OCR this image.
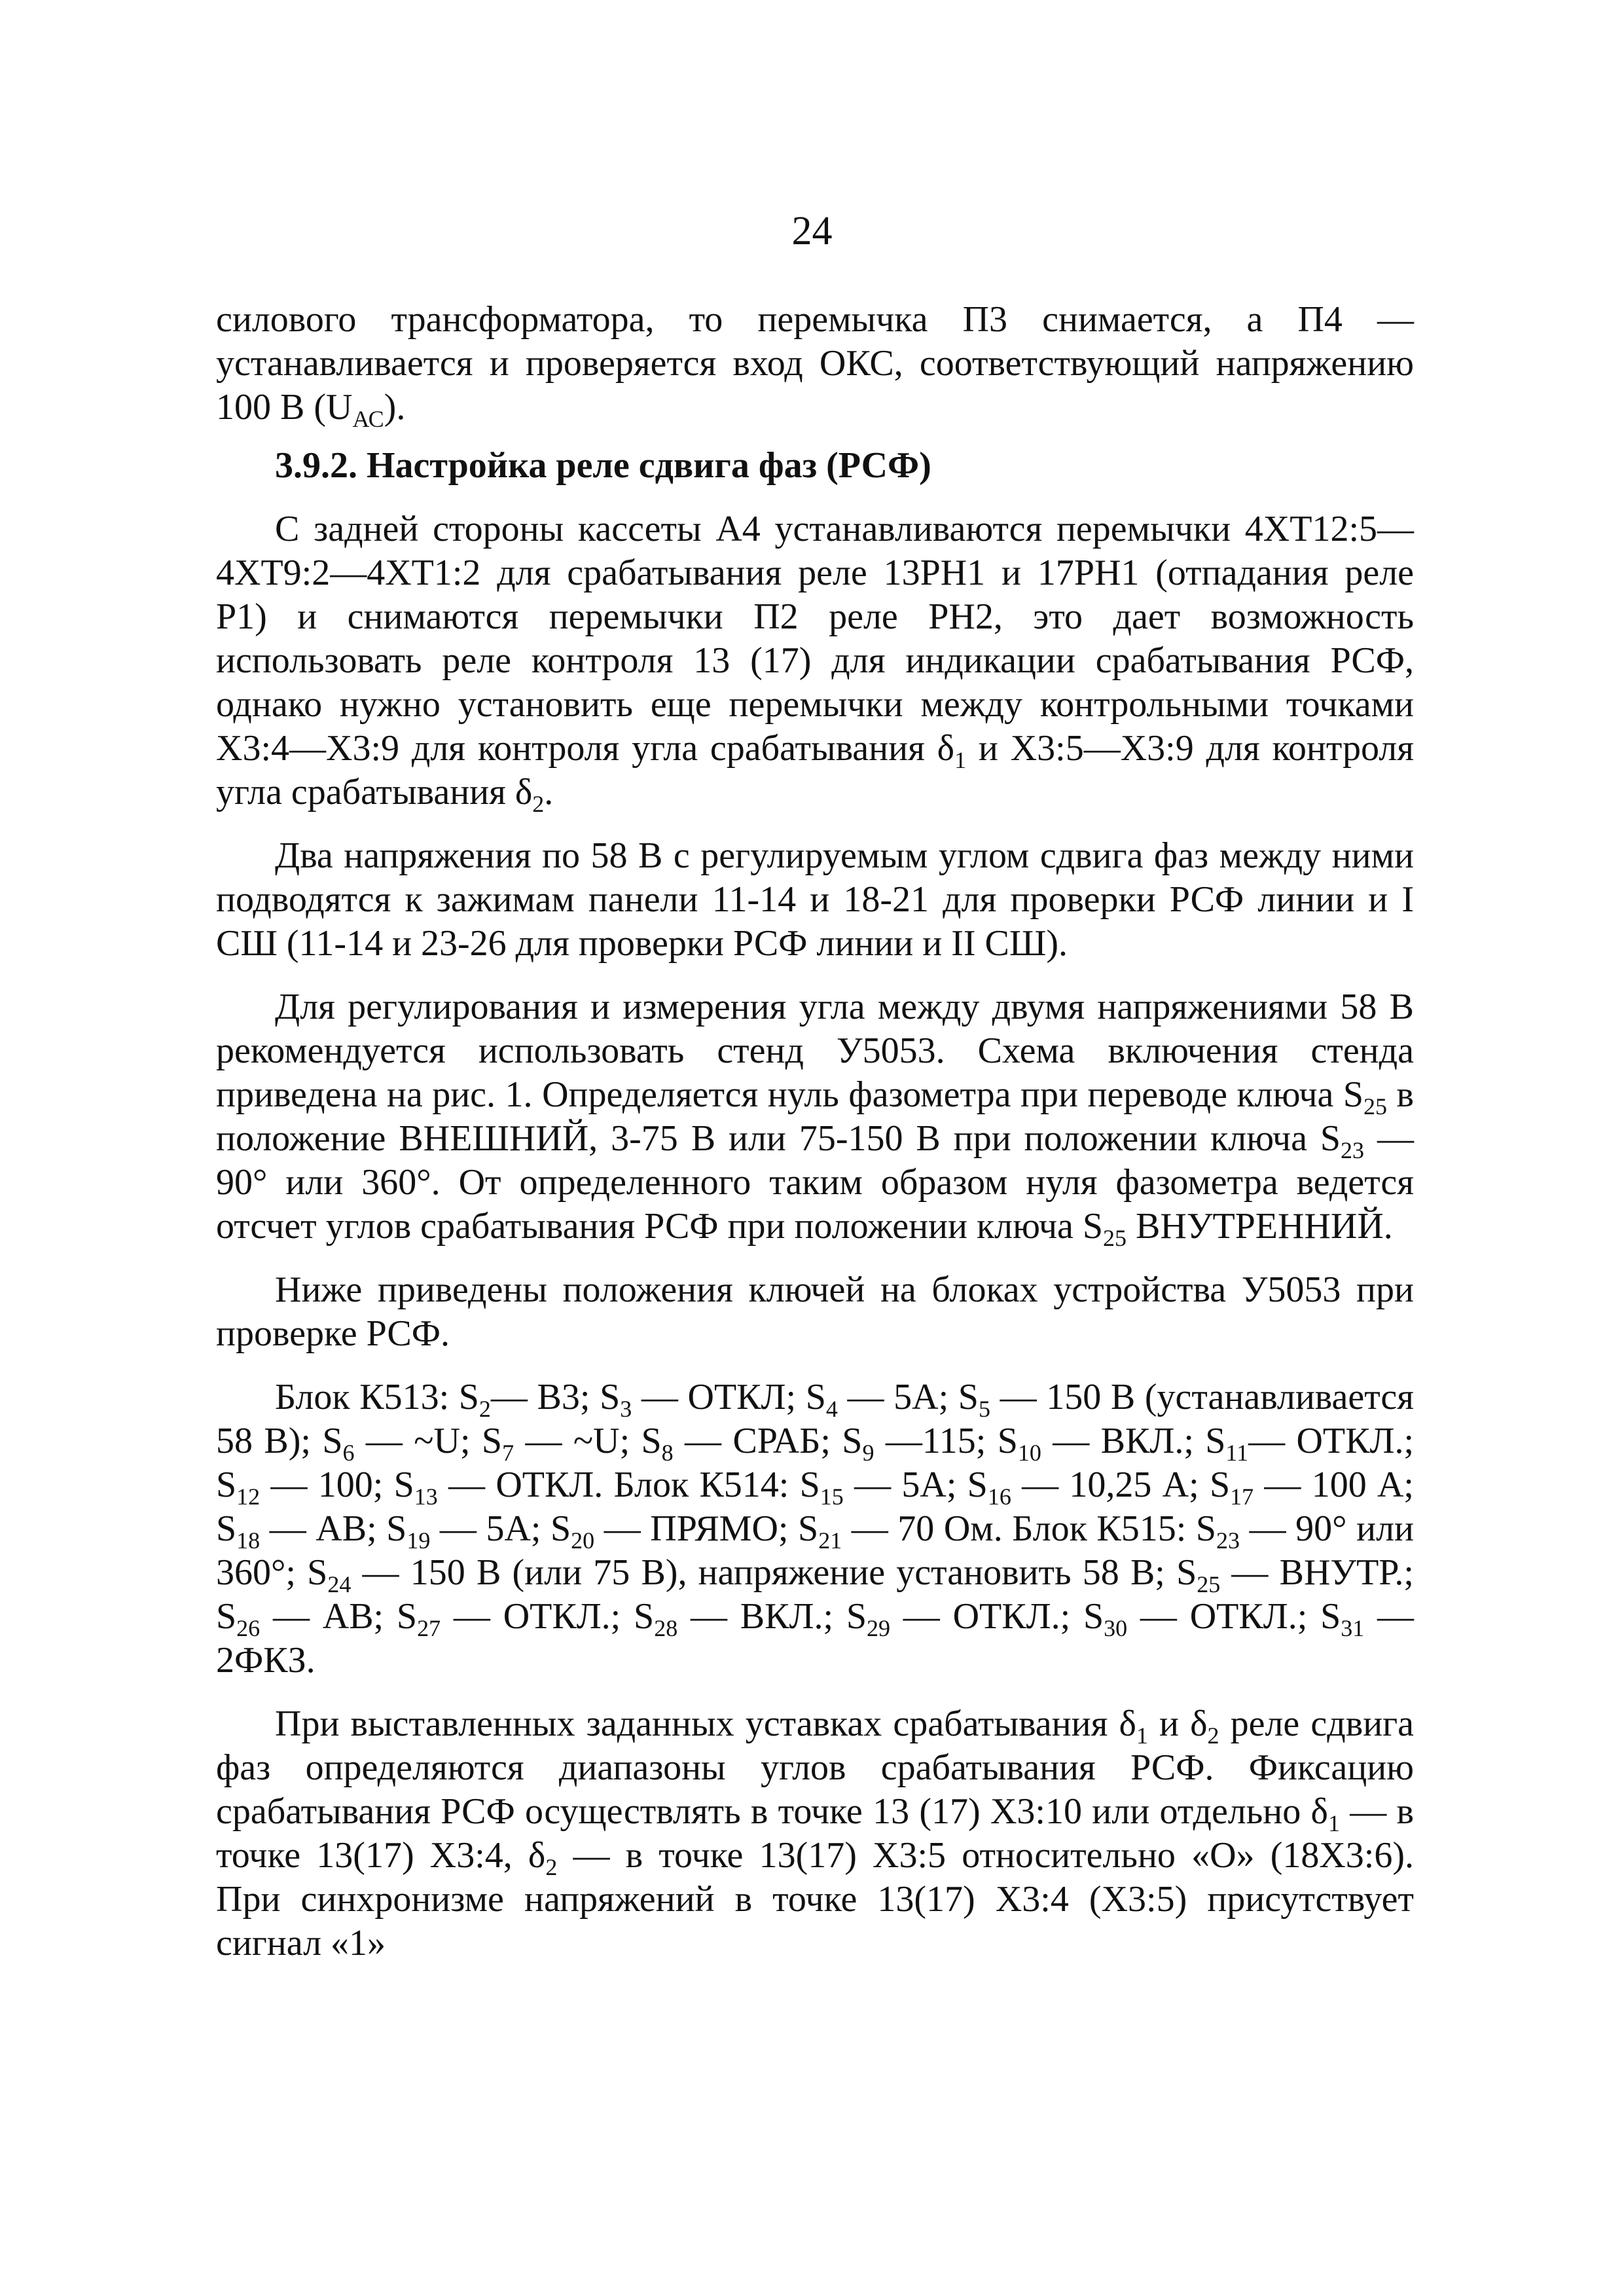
24

силового трансформатора, то перемычка П3 снимается, а П4 — устанавливается и проверяется вход ОКС, соответствующий напряжению 100 В $(U_{АС})$.

3.9.2. Настройка реле сдвига фаз (РСФ)

С задней стороны кассеты А4 устанавливаются перемычки 4XT12:5—4XT9:2—4XT1:2 для срабатывания реле 13PH1 и 17PH1 (отпадания реле Р1) и снимаются перемычки П2 реле PH2, это дает возможность использовать реле контроля 13 (17) для индикации срабатывания РСФ, однако нужно установить еще перемычки между контрольными точками Х3:4—Х3:9 для контроля угла срабатывания $\delta_1$ и Х3:5—Х3:9 для контроля угла срабатывания $\delta_2$.

Два напряжения по 58 В с регулируемым углом сдвига фаз между ними подводятся к зажимам панели 11-14 и 18-21 для проверки РСФ линии и I СШ (11-14 и 23-26 для проверки РСФ линии и II СШ).

Для регулирования и измерения угла между двумя напряжениями 58 В рекомендуется использовать стенд У5053. Схема включения стенда приведена на рис. 1. Определяется нуль фазометра при переводе ключа $S_{25}$ в положение ВНЕШНИЙ, 3-75 В или 75-150 В при положении ключа $S_{23}$ — 90° или 360°. От определенного таким образом нуля фазометра ведется отсчет углов срабатывания РСФ при положении ключа $S_{25}$ ВНУТРЕННИЙ.

Ниже приведены положения ключей на блоках устройства У5053 при проверке РСФ.

Блок К513: $S_2—$ В3; $S_3$ — ОТКЛ; $S_4$ — 5А; $S_5$ — 150 В (устанавливается 58 В); $S_6$ — ~U; $S_7$ — ~U; $S_8$ — СРАБ; $S_9$ —115; $S_{10}$ — ВКЛ.; $S_{11}—$ ОТКЛ.; $S_{12}$ — 100; $S_{13}$ — ОТКЛ. Блок К514: $S_{15}$ — 5А; $S_{16}$ — 10,25 А; $S_{17}$ — 100 А; $S_{18}$ — АВ; $S_{19}$ — 5А; $S_{20}$ — ПРЯМО; $S_{21}$ — 70 Ом. Блок К515: $S_{23}$ — 90° или 360°; $S_{24}$ — 150 В (или 75 В), напряжение установить 58 В; $S_{25}$ — ВНУТР.; $S_{26}$ — АВ; $S_{27}$ — ОТКЛ.; $S_{28}$ — ВКЛ.; $S_{29}$ — ОТКЛ.; $S_{30}$ — ОТКЛ.; $S_{31}$ — 2ФКЗ.

При выставленных заданных уставках срабатывания $\delta_1$ и $\delta_2$ реле сдвига фаз определяются диапазоны углов срабатывания РСФ. Фиксацию срабатывания РСФ осуществлять в точке 13 (17) Х3:10 или отдельно $\delta_1$ — в точке 13(17) Х3:4, $\delta_2$ — в точке 13(17) Х3:5 относительно «О» (18Х3:6). При синхронизме напряжений в точке 13(17) Х3:4 (Х3:5) присутствует сигнал «1»
